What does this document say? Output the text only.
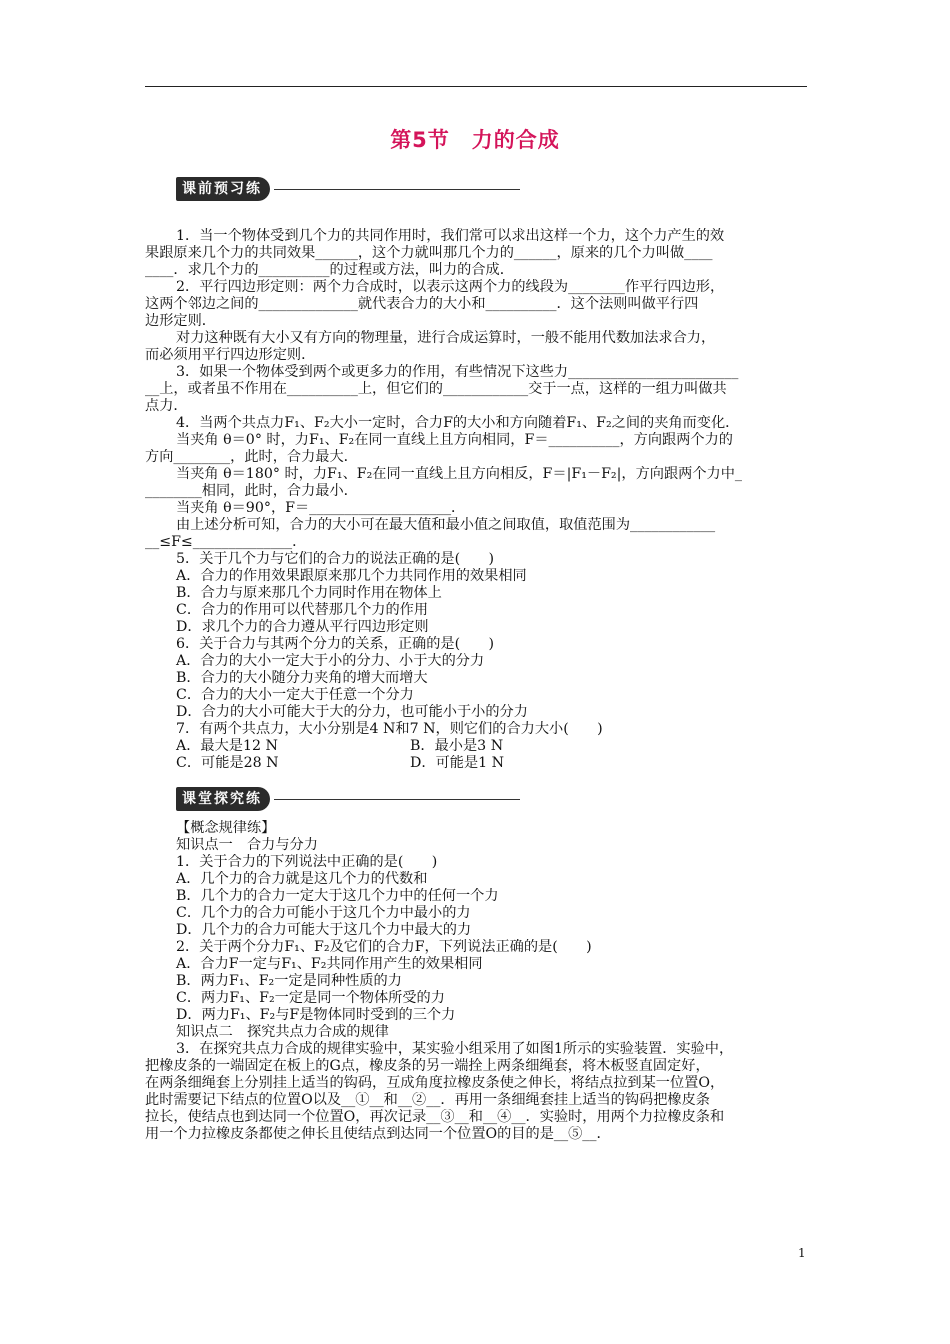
第5节　力的合成
课前预习练

1．当一个物体受到几个力的共同作用时，我们常可以求出这样一个力，这个力产生的效

果跟原来几个力的共同效果______，这个力就叫那几个力的______，原来的几个力叫做____

____．求几个力的__________的过程或方法，叫力的合成．

2．平行四边形定则：两个力合成时，以表示这两个力的线段为________作平行四边形，

这两个邻边之间的______________就代表合力的大小和__________．这个法则叫做平行四

边形定则．

对力这种既有大小又有方向的物理量，进行合成运算时，一般不能用代数加法求合力，

而必须用平行四边形定则．

3．如果一个物体受到两个或更多力的作用，有些情况下这些力________________________

__上，或者虽不作用在__________上，但它们的____________交于一点，这样的一组力叫做共

点力．

4．当两个共点力F₁、F₂大小一定时，合力F的大小和方向随着F₁、F₂之间的夹角而变化．

当夹角 θ＝0° 时，力F₁、F₂在同一直线上且方向相同，F＝__________，方向跟两个力的

方向________，此时，合力最大．

当夹角 θ＝180° 时，力F₁、F₂在同一直线上且方向相反，F＝|F₁－F₂|，方向跟两个力中_

________相同，此时，合力最小．

当夹角 θ＝90°，F＝____________________．

由上述分析可知，合力的大小可在最大值和最小值之间取值，取值范围为____________

__≤F≤______________．

5．关于几个力与它们的合力的说法正确的是(　　)

A．合力的作用效果跟原来那几个力共同作用的效果相同

B．合力与原来那几个力同时作用在物体上

C．合力的作用可以代替那几个力的作用

D．求几个力的合力遵从平行四边形定则

6．关于合力与其两个分力的关系，正确的是(　　)

A．合力的大小一定大于小的分力、小于大的分力

B．合力的大小随分力夹角的增大而增大

C．合力的大小一定大于任意一个分力

D．合力的大小可能大于大的分力，也可能小于小的分力

7．有两个共点力，大小分别是4 N和7 N，则它们的合力大小(　　)

A．最大是12 N	B．最小是3 N

C．可能是28 N	D．可能是1 N

课堂探究练

【概念规律练】

知识点一　合力与分力

1．关于合力的下列说法中正确的是(　　)

A．几个力的合力就是这几个力的代数和

B．几个力的合力一定大于这几个力中的任何一个力

C．几个力的合力可能小于这几个力中最小的力

D．几个力的合力可能大于这几个力中最大的力

2．关于两个分力F₁、F₂及它们的合力F，下列说法正确的是(　　)

A．合力F一定与F₁、F₂共同作用产生的效果相同

B．两力F₁、F₂一定是同种性质的力

C．两力F₁、F₂一定是同一个物体所受的力

D．两力F₁、F₂与F是物体同时受到的三个力

知识点二　探究共点力合成的规律

3．在探究共点力合成的规律实验中，某实验小组采用了如图1所示的实验装置．实验中，

把橡皮条的一端固定在板上的G点，橡皮条的另一端拴上两条细绳套，将木板竖直固定好，

在两条细绳套上分别挂上适当的钩码，互成角度拉橡皮条使之伸长，将结点拉到某一位置O，

此时需要记下结点的位置O以及__①__和__②__．再用一条细绳套挂上适当的钩码把橡皮条

拉长，使结点也到达同一个位置O，再次记录__③__和__④__．实验时，用两个力拉橡皮条和

用一个力拉橡皮条都使之伸长且使结点到达同一个位置O的目的是__⑤__．

1
